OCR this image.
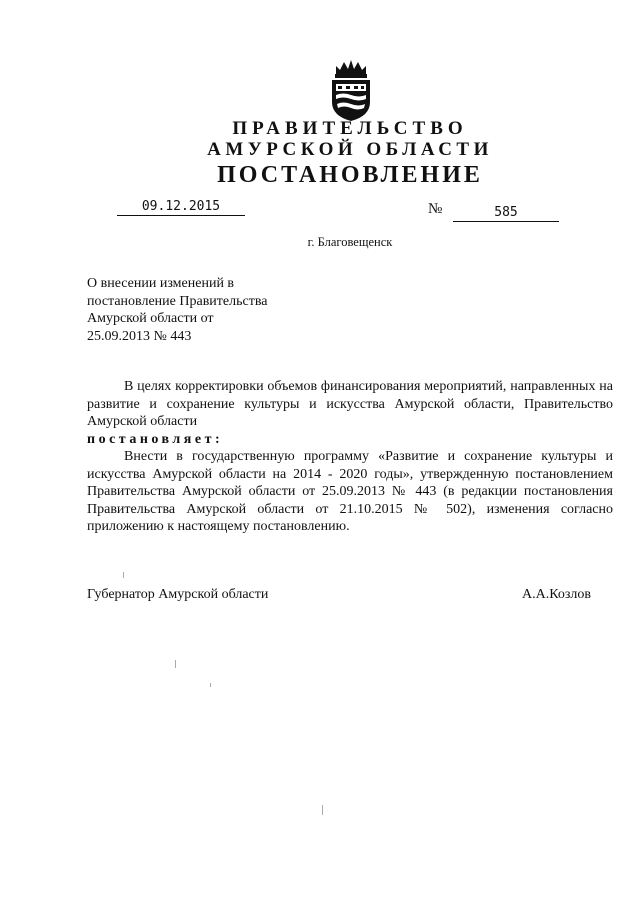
ПРАВИТЕЛЬСТВО

АМУРСКОЙ ОБЛАСТИ

ПОСТАНОВЛЕНИЕ

09.12.2015	№	585
г. Благовещенск
О внесении изменений в
постановление Правительства
Амурской области от
25.09.2013 № 443

В целях корректировки объемов финансирования мероприятий, направленных на развитие и сохранение культуры и искусства Амурской области, Правительство Амурской области

постановляет:

Внести в государственную программу «Развитие и сохранение культуры и искусства Амурской области на 2014 - 2020 годы», утвержденную постановлением Правительства Амурской области от 25.09.2013 № 443 (в редакции постановления Правительства Амурской области от 21.10.2015 № 502), изменения согласно приложению к настоящему постановлению.

Губернатор Амурской области	А.А.Козлов
